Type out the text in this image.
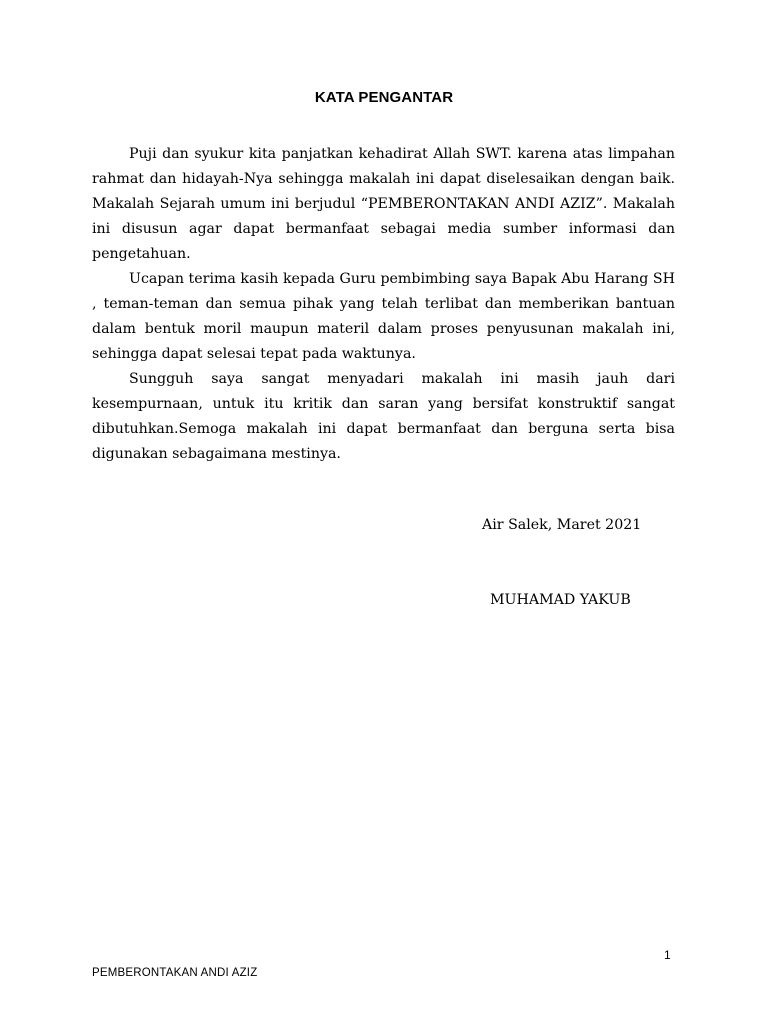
KATA PENGANTAR

Puji dan syukur kita panjatkan kehadirat Allah SWT. karena atas limpahan rahmat dan hidayah-Nya sehingga makalah ini dapat diselesaikan dengan baik. Makalah Sejarah umum ini berjudul “PEMBERONTAKAN ANDI AZIZ”. Makalah ini disusun agar dapat bermanfaat sebagai media sumber informasi dan pengetahuan.

Ucapan terima kasih kepada Guru pembimbing saya Bapak Abu Harang SH , teman-teman dan semua pihak yang telah terlibat dan memberikan bantuan dalam bentuk moril maupun materil dalam proses penyusunan makalah ini, sehingga dapat selesai tepat pada waktunya.

Sungguh saya sangat menyadari makalah ini masih jauh dari kesempurnaan, untuk itu kritik dan saran yang bersifat konstruktif sangat dibutuhkan.Semoga makalah ini dapat bermanfaat dan berguna serta bisa digunakan sebagaimana mestinya.

Air Salek, Maret 2021
MUHAMAD YAKUB
1
PEMBERONTAKAN ANDI AZIZ
